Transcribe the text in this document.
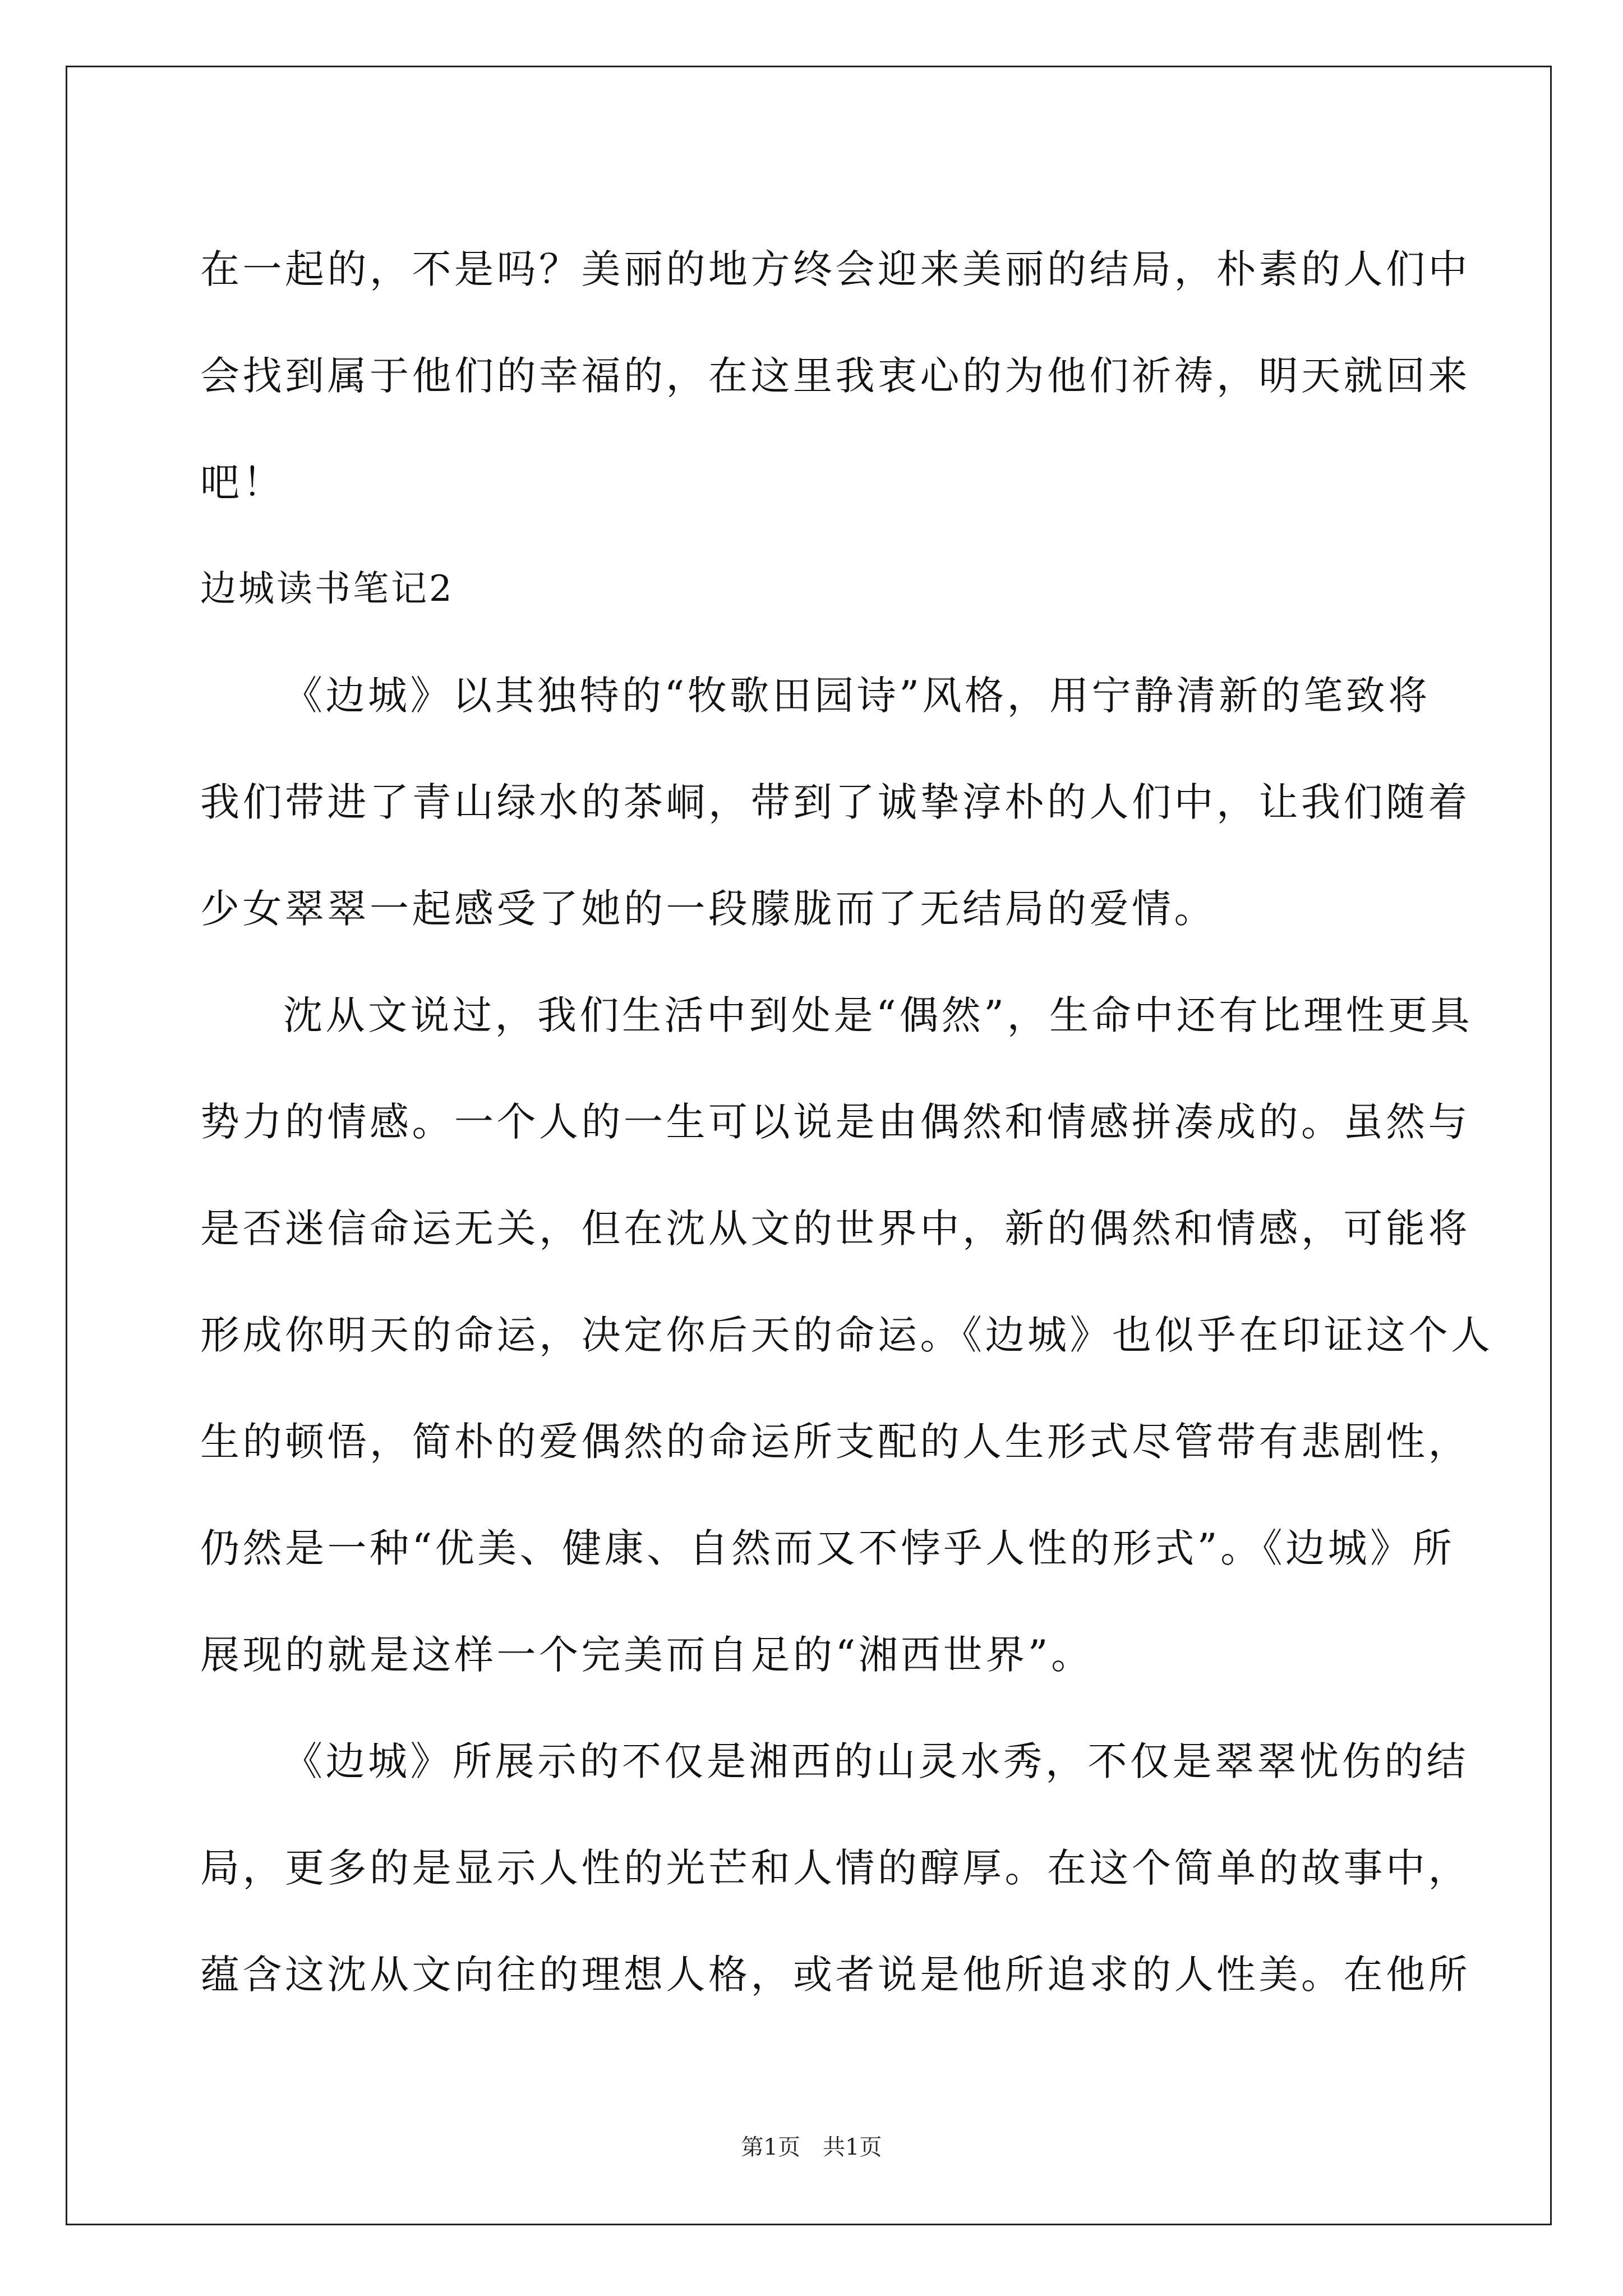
在一起的，不是吗？美丽的地方终会迎来美丽的结局，朴素的人们中
会找到属于他们的幸福的，在这里我衷心的为他们祈祷，明天就回来
吧！
边城读书笔记2
《边城》以其独特的“牧歌田园诗”风格，用宁静清新的笔致将
我们带进了青山绿水的茶峒，带到了诚挚淳朴的人们中，让我们随着
少女翠翠一起感受了她的一段朦胧而了无结局的爱情。
沈从文说过，我们生活中到处是“偶然”，生命中还有比理性更具
势力的情感。一个人的一生可以说是由偶然和情感拼凑成的。虽然与
是否迷信命运无关，但在沈从文的世界中，新的偶然和情感，可能将
形成你明天的命运，决定你后天的命运。《边城》也似乎在印证这个人
生的顿悟，简朴的爱偶然的命运所支配的人生形式尽管带有悲剧性，
仍然是一种“优美、健康、自然而又不悖乎人性的形式”。《边城》所
展现的就是这样一个完美而自足的“湘西世界”。
《边城》所展示的不仅是湘西的山灵水秀，不仅是翠翠忧伤的结
局，更多的是显示人性的光芒和人情的醇厚。在这个简单的故事中，
蕴含这沈从文向往的理想人格，或者说是他所追求的人性美。在他所
第1页 共1页
